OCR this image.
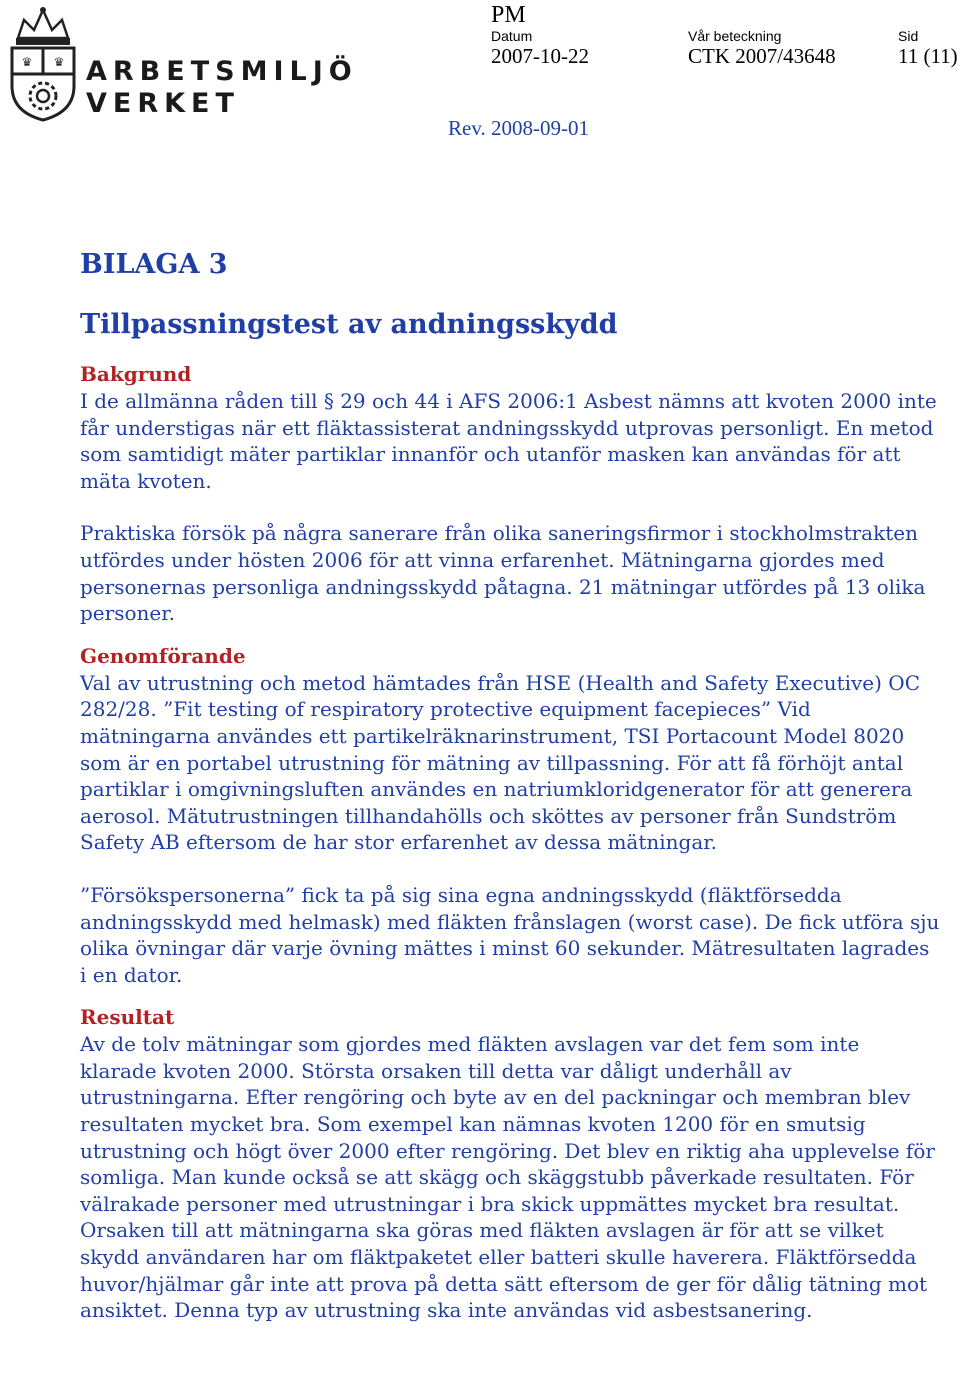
♛ ♛ ARBETSMILJÖ
VERKET
PM
Datum
2007-10-22
Vår beteckning
CTK 2007/43648
Sid
11 (11)
Rev. 2008-09-01
BILAGA 3
Tillpassningstest av andningsskydd
Bakgrund

I de allmänna råden till § 29 och 44 i AFS 2006:1 Asbest nämns att kvoten 2000 inte får understigas när ett fläktassisterat andningsskydd utprovas personligt. En metod som samtidigt mäter partiklar innanför och utanför masken kan användas för att mäta kvoten.

Praktiska försök på några sanerare från olika saneringsfirmor i stockholmstrakten utfördes under hösten 2006 för att vinna erfarenhet. Mätningarna gjordes med personernas personliga andningsskydd påtagna. 21 mätningar utfördes på 13 olika personer.

Genomförande

Val av utrustning och metod hämtades från HSE (Health and Safety Executive) OC 282/28. ”Fit testing of respiratory protective equipment facepieces” Vid mätningarna användes ett partikelräknarinstrument, TSI Portacount Model 8020 som är en portabel utrustning för mätning av tillpassning. För att få förhöjt antal partiklar i omgivningsluften användes en natriumkloridgenerator för att generera aerosol. Mätutrustningen tillhandahölls och sköttes av personer från Sundström Safety AB eftersom de har stor erfarenhet av dessa mätningar.

”Försökspersonerna” fick ta på sig sina egna andningsskydd (fläktförsedda andningsskydd med helmask) med fläkten frånslagen (worst case). De fick utföra sju olika övningar där varje övning mättes i minst 60 sekunder. Mätresultaten lagrades i en dator.

Resultat

Av de tolv mätningar som gjordes med fläkten avslagen var det fem som inte klarade kvoten 2000. Största orsaken till detta var dåligt underhåll av utrustningarna. Efter rengöring och byte av en del packningar och membran blev resultaten mycket bra. Som exempel kan nämnas kvoten 1200 för en smutsig utrustning och högt över 2000 efter rengöring. Det blev en riktig aha upplevelse för somliga. Man kunde också se att skägg och skäggstubb påverkade resultaten. För välrakade personer med utrustningar i bra skick uppmättes mycket bra resultat.

Orsaken till att mätningarna ska göras med fläkten avslagen är för att se vilket skydd användaren har om fläktpaketet eller batteri skulle haverera. Fläktförsedda huvor/hjälmar går inte att prova på detta sätt eftersom de ger för dålig tätning mot ansiktet. Denna typ av utrustning ska inte användas vid asbestsanering.
